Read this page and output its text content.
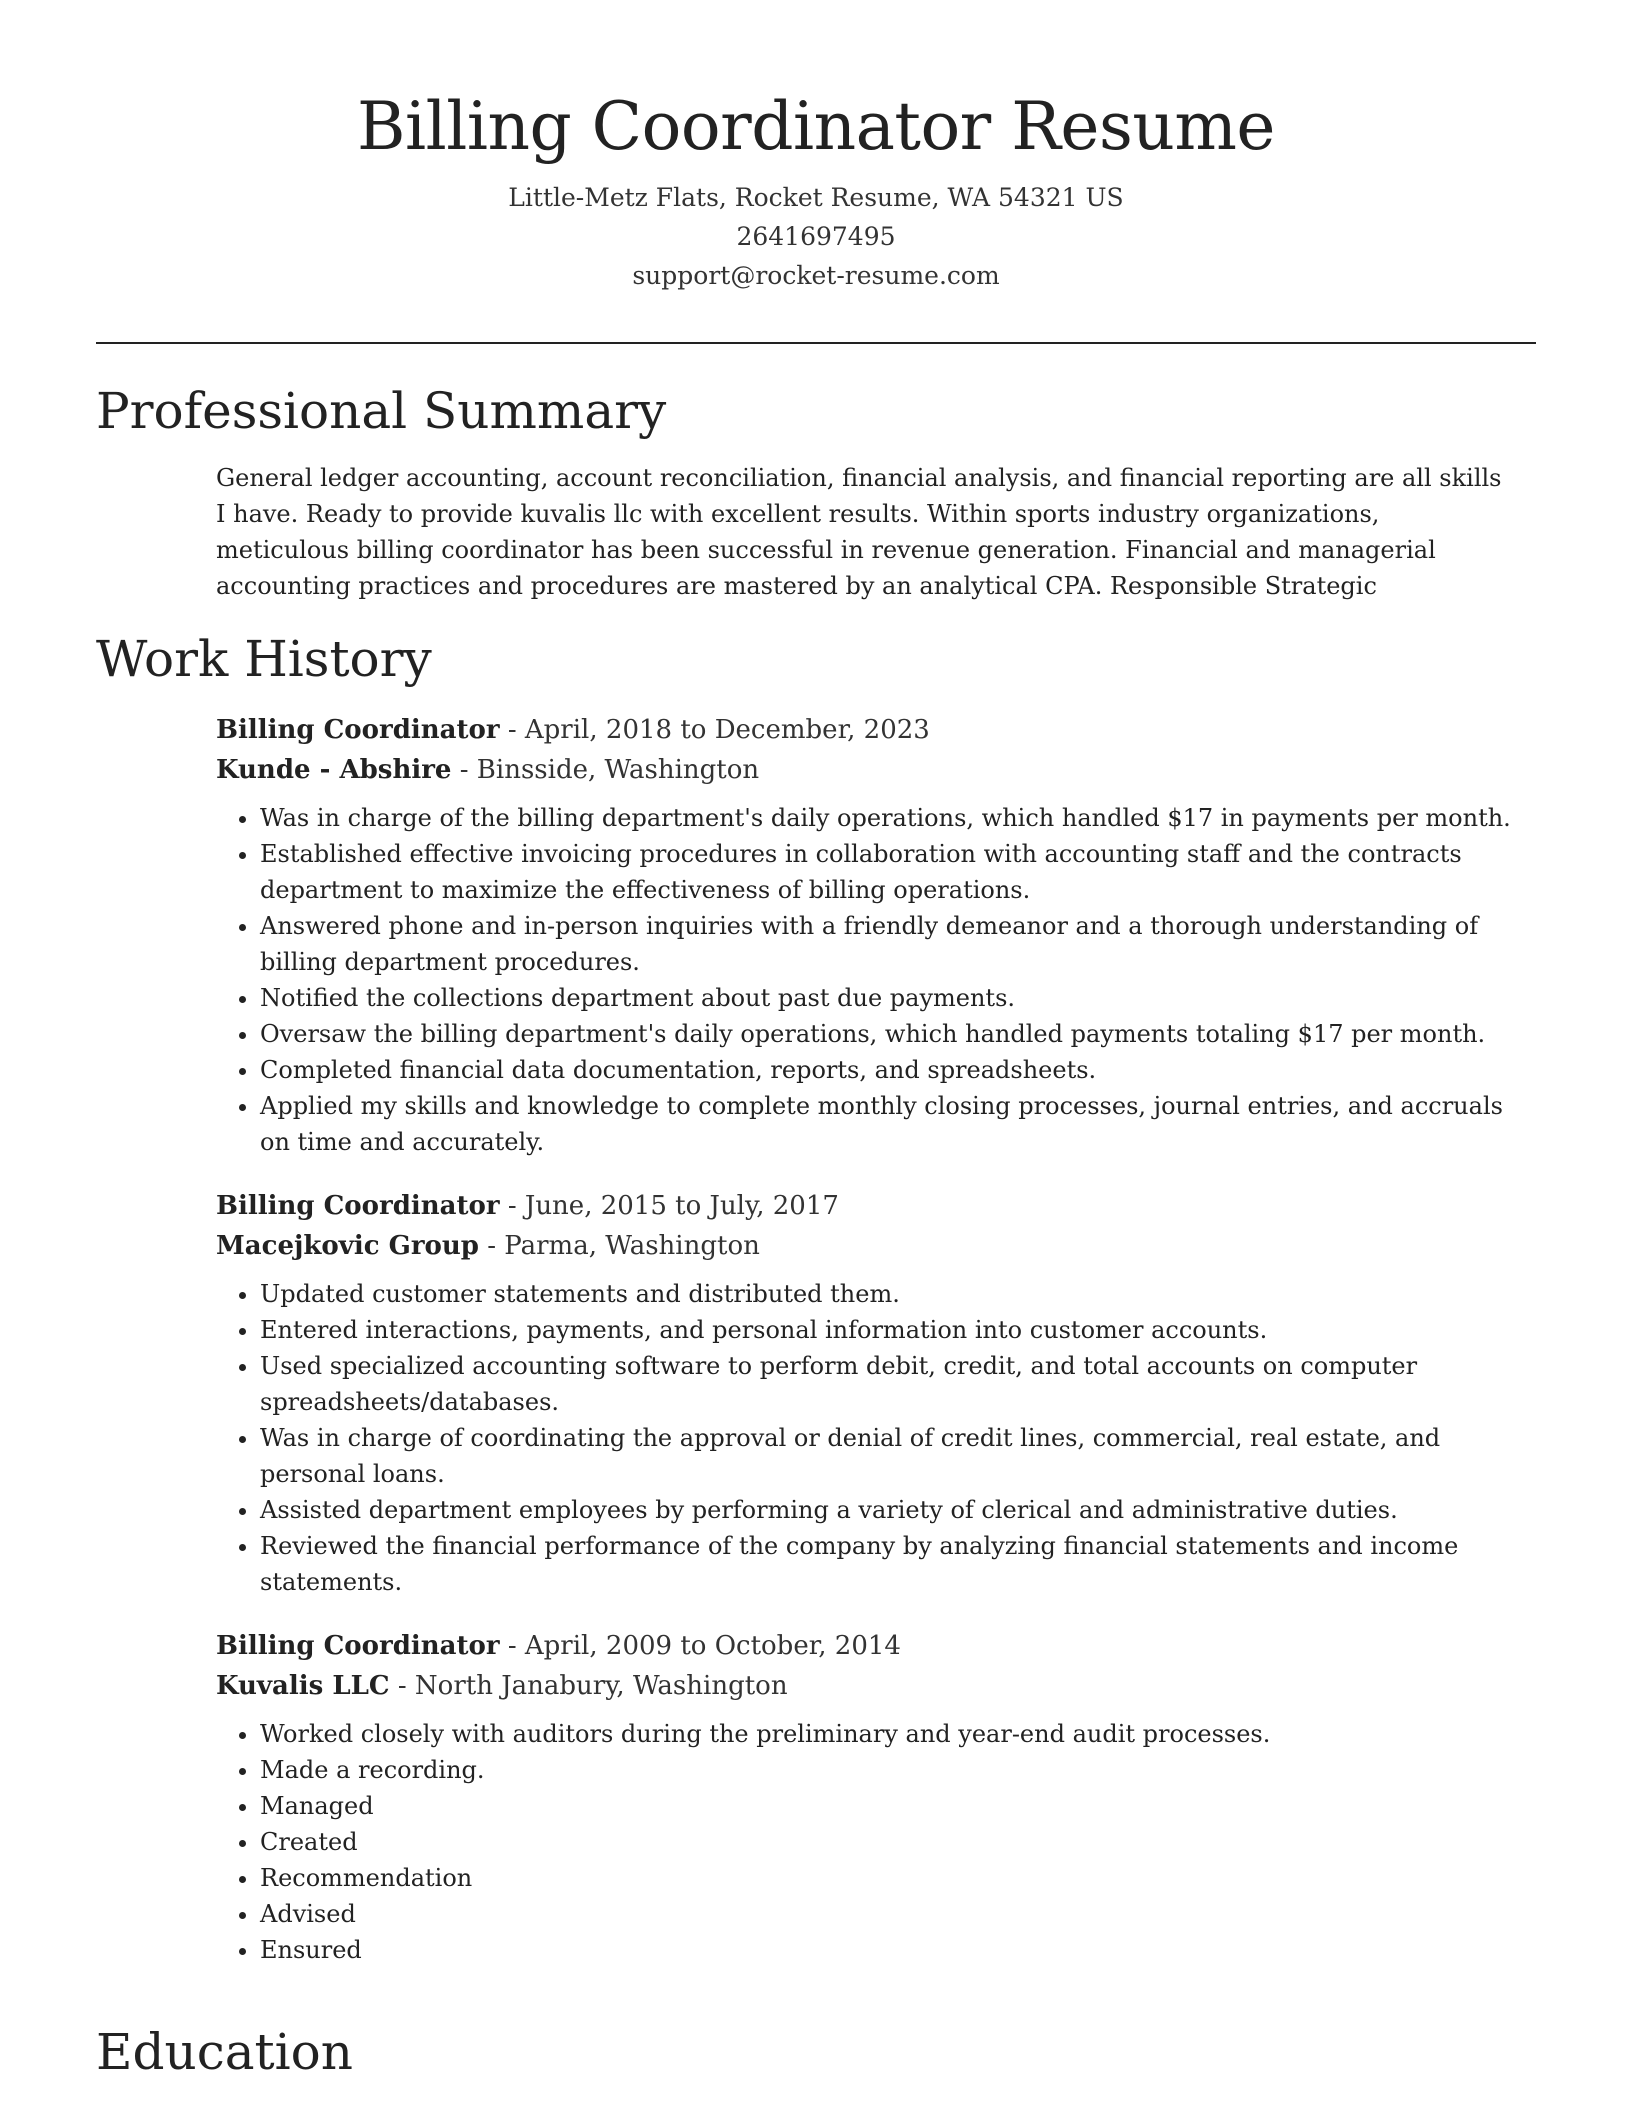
Billing Coordinator Resume
Little-Metz Flats, Rocket Resume, WA 54321 US
2641697495
support@rocket-resume.com
Professional Summary

General ledger accounting, account reconciliation, financial analysis, and financial reporting are all skills I have. Ready to provide kuvalis llc with excellent results. Within sports industry organizations, meticulous billing coordinator has been successful in revenue generation. Financial and managerial accounting practices and procedures are mastered by an analytical CPA. Responsible Strategic

Work History
Billing Coordinator - April, 2018 to December, 2023
Kunde - Abshire - Binsside, Washington
• Was in charge of the billing department's daily operations, which handled $17 in payments per month.
• Established effective invoicing procedures in collaboration with accounting staff and the contracts department to maximize the effectiveness of billing operations.
• Answered phone and in-person inquiries with a friendly demeanor and a thorough understanding of billing department procedures.
• Notified the collections department about past due payments.
• Oversaw the billing department's daily operations, which handled payments totaling $17 per month.
• Completed financial data documentation, reports, and spreadsheets.
• Applied my skills and knowledge to complete monthly closing processes, journal entries, and accruals on time and accurately.
Billing Coordinator - June, 2015 to July, 2017
Macejkovic Group - Parma, Washington
• Updated customer statements and distributed them.
• Entered interactions, payments, and personal information into customer accounts.
• Used specialized accounting software to perform debit, credit, and total accounts on computer spreadsheets/databases.
• Was in charge of coordinating the approval or denial of credit lines, commercial, real estate, and personal loans.
• Assisted department employees by performing a variety of clerical and administrative duties.
• Reviewed the financial performance of the company by analyzing financial statements and income statements.
Billing Coordinator - April, 2009 to October, 2014
Kuvalis LLC - North Janabury, Washington
• Worked closely with auditors during the preliminary and year-end audit processes.
• Made a recording.
• Managed
• Created
• Recommendation
• Advised
• Ensured
Education
